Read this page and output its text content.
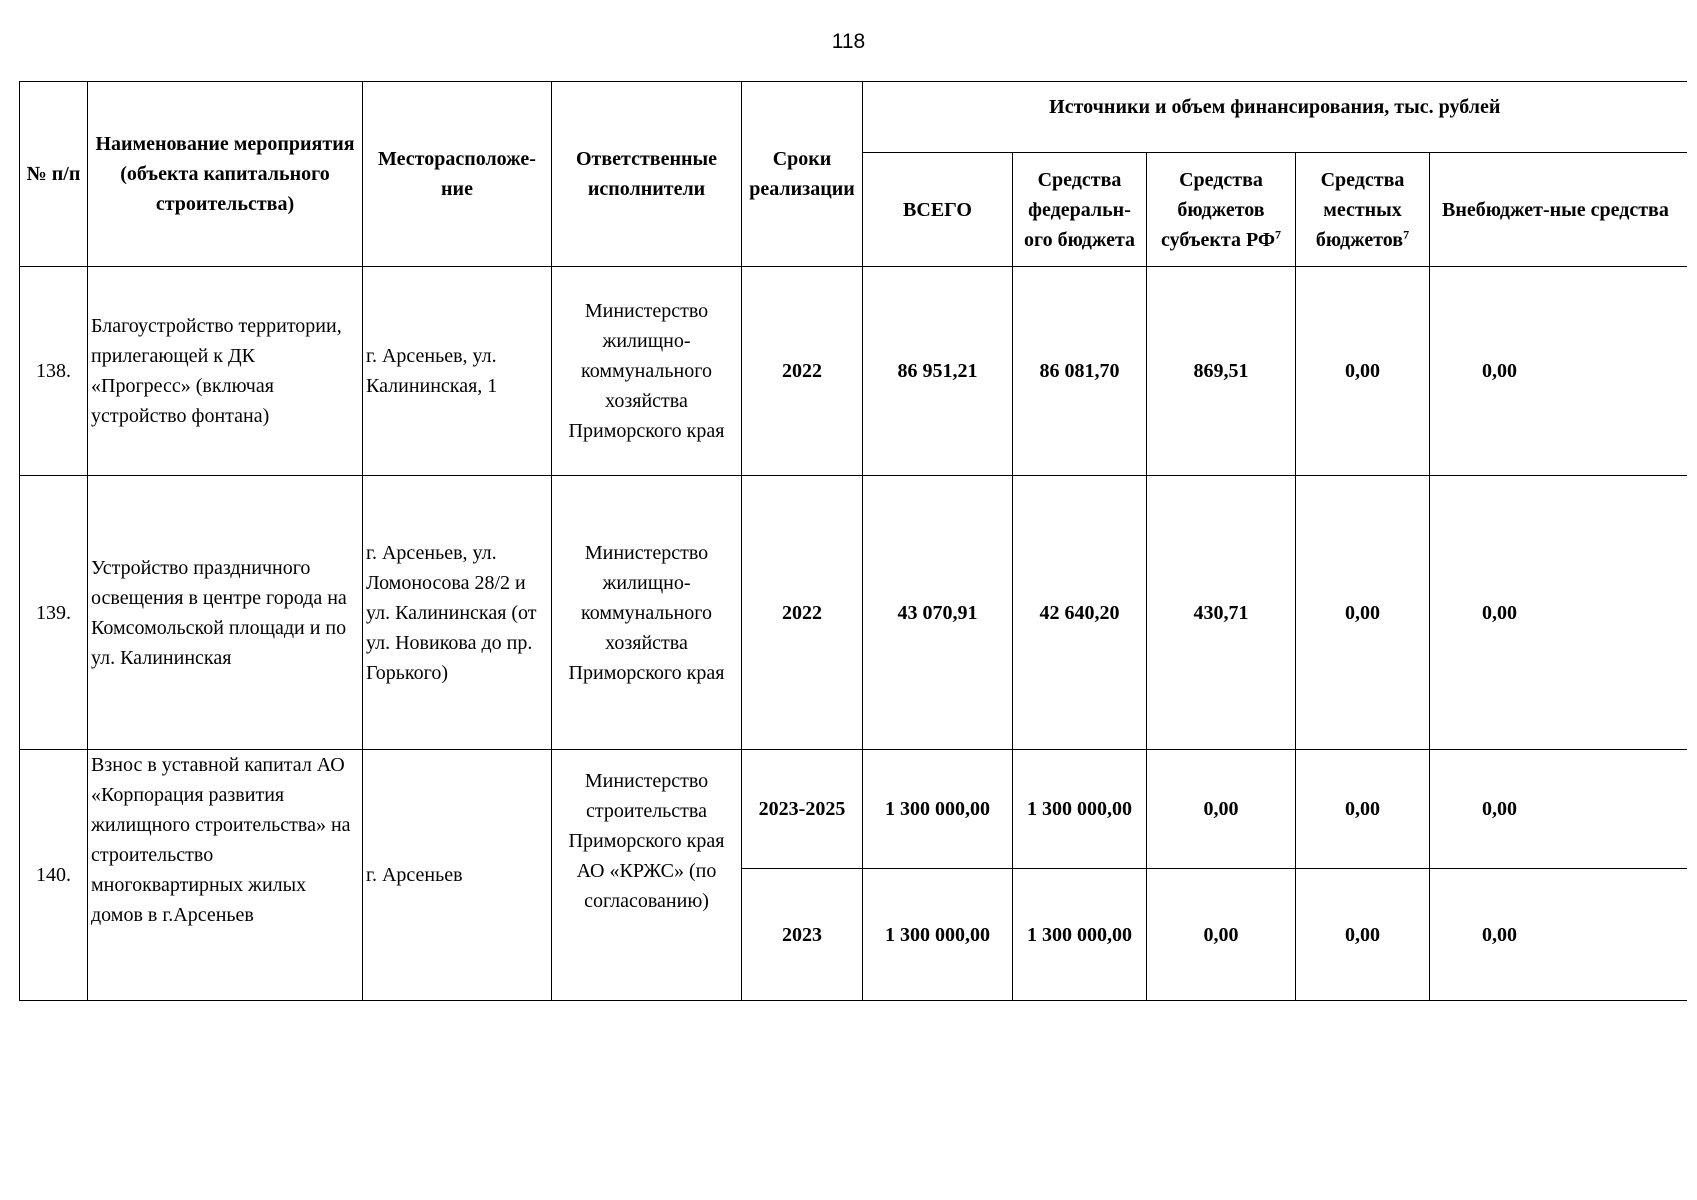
118
№ п/п	Наименование мероприятия (объекта капитального строительства)	Месторасположе-ние	Ответственные исполнители	Сроки реализации	Источники и объем финансирования, тыс. рублей				
					ВСЕГО	Средства федеральн-ого бюджета	Средства бюджетов субъекта $РФ^7$	Средства местных бюджетов$^7$	Внебюджет-ные средства
138.	Благоустройство территории, прилегающей к ДК «Прогресс» (включая устройство фонтана)	г. Арсеньев, ул. Калининская, 1	Министерство жилищно-коммунального хозяйства Приморского края	2022	86 951,21	86 081,70	869,51	0,00	0,00
139.	Устройство праздничного освещения в центре города на Комсомольской площади и по ул. Калининская	г. Арсеньев, ул. Ломоносова 28/2 и ул. Калининская (от ул. Новикова до пр. Горького)	Министерство жилищно-коммунального хозяйства Приморского края	2022	43 070,91	42 640,20	430,71	0,00	0,00
140.	Взнос в уставной капитал АО «Корпорация развития жилищного строительства» на строительство многоквартирных жилых домов в г.Арсеньев	г. Арсеньев	Министерство строительства Приморского края АО «КРЖС» (по согласованию)	2023-2025	1 300 000,00	1 300 000,00	0,00	0,00	0,00
				2023	1 300 000,00	1 300 000,00	0,00	0,00	0,00
